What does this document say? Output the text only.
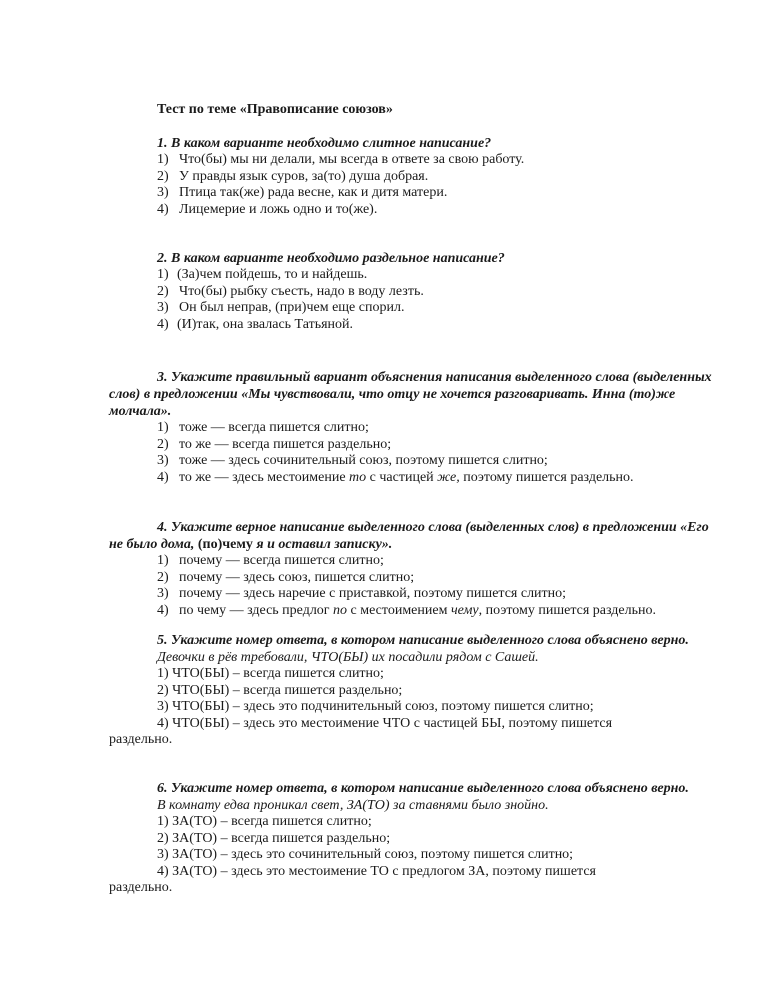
Тест по теме «Правописание союзов»
1. В каком варианте необходимо слитное написание?
1) Что(бы) мы ни делали, мы всегда в ответе за свою работу.
2) У правды язык суров, за(то) душа добрая.
3) Птица так(же) рада весне, как и дитя матери.
4) Лицемерие и ложь одно и то(же).
2. В каком варианте необходимо раздельное написание?
1) (За)чем пойдешь, то и найдешь.
2) Что(бы) рыбку съесть, надо в воду лезть.
3) Он был неправ, (при)чем еще спорил.
4) (И)так, она звалась Татьяной.
3. Укажите правильный вариант объяснения написания выделенного слова (выделенных слов) в предложении «Мы чувствовали, что отцу не хочется разговаривать. Инна (то)же молчала».
1) тоже — всегда пишется слитно;
2) то же — всегда пишется раздельно;
3) тоже — здесь сочинительный союз, поэтому пишется слитно;
4) то же — здесь местоимение то с частицей же, поэтому пишется раздельно.
4. Укажите верное написание выделенного слова (выделенных слов) в предложении «Его не было дома, (по)чему я и оставил записку».
1) почему — всегда пишется слитно;
2) почему — здесь союз, пишется слитно;
3) почему — здесь наречие с приставкой, поэтому пишется слитно;
4) по чему — здесь предлог по с местоимением чему, поэтому пишется раздельно.
5. Укажите номер ответа, в котором написание выделенного слова объяснено верно.
Девочки в рёв требовали, ЧТО(БЫ) их посадили рядом с Сашей.
1) ЧТО(БЫ) – всегда пишется слитно;
2) ЧТО(БЫ) – всегда пишется раздельно;
3) ЧТО(БЫ) – здесь это подчинительный союз, поэтому пишется слитно;
4) ЧТО(БЫ) – здесь это местоимение ЧТО с частицей БЫ, поэтому пишется
раздельно.
6. Укажите номер ответа, в котором написание выделенного слова объяснено верно.
В комнату едва проникал свет, ЗА(ТО) за ставнями было знойно.
1) ЗА(ТО) – всегда пишется слитно;
2) ЗА(ТО) – всегда пишется раздельно;
3) ЗА(ТО) – здесь это сочинительный союз, поэтому пишется слитно;
4) ЗА(ТО) – здесь это местоимение ТО с предлогом ЗА, поэтому пишется
раздельно.
